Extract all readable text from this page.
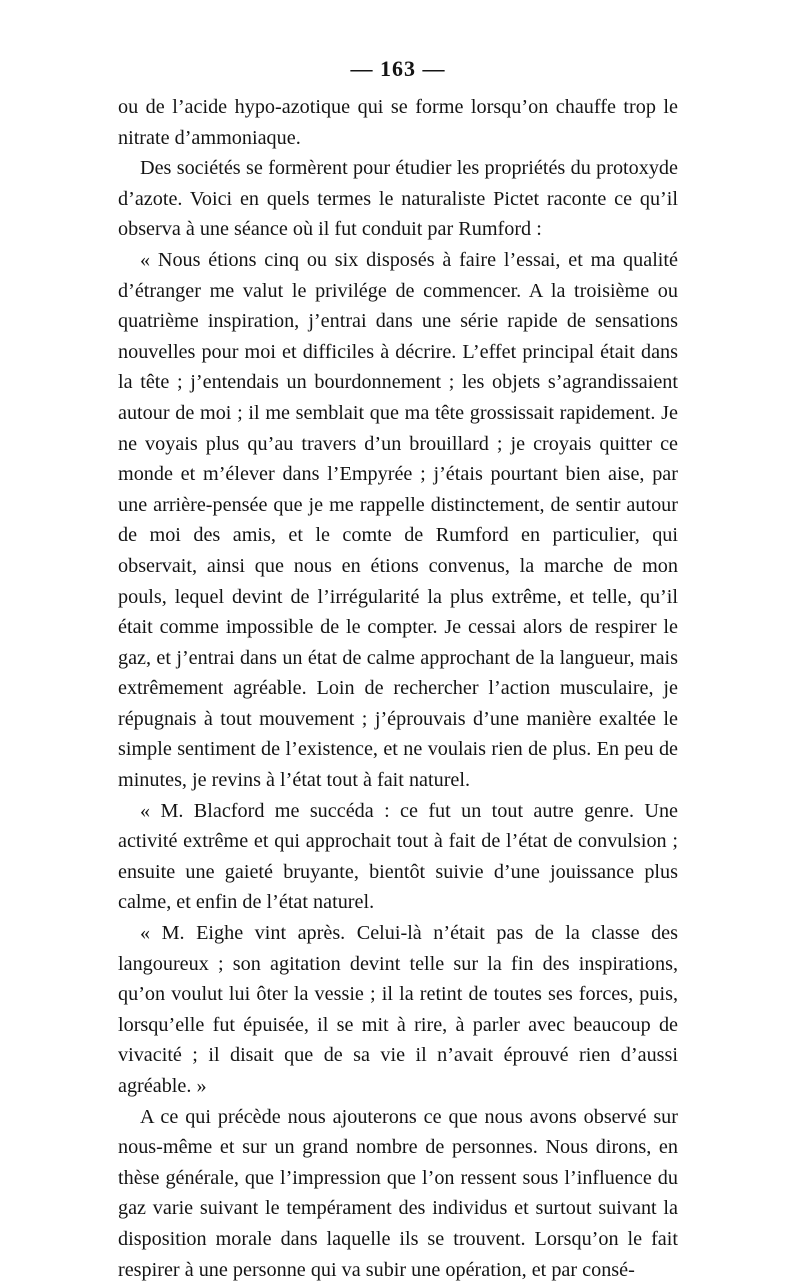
— 163 —

ou de l’acide hypo-azotique qui se forme lorsqu’on chauffe trop le nitrate d’ammoniaque.

Des sociétés se formèrent pour étudier les propriétés du protoxyde d’azote. Voici en quels termes le naturaliste Pictet raconte ce qu’il observa à une séance où il fut conduit par Rumford :

« Nous étions cinq ou six disposés à faire l’essai, et ma qualité d’étranger me valut le privilége de commencer. A la troisième ou quatrième inspiration, j’entrai dans une série rapide de sensations nouvelles pour moi et difficiles à décrire. L’effet principal était dans la tête ; j’entendais un bourdonnement ; les objets s’agrandissaient autour de moi ; il me semblait que ma tête grossissait rapidement. Je ne voyais plus qu’au travers d’un brouillard ; je croyais quitter ce monde et m’élever dans l’Empyrée ; j’étais pourtant bien aise, par une arrière-pensée que je me rappelle distinctement, de sentir autour de moi des amis, et le comte de Rumford en particulier, qui observait, ainsi que nous en étions convenus, la marche de mon pouls, lequel devint de l’irrégularité la plus extrême, et telle, qu’il était comme impossible de le compter. Je cessai alors de respirer le gaz, et j’entrai dans un état de calme approchant de la langueur, mais extrêmement agréable. Loin de rechercher l’action musculaire, je répugnais à tout mouvement ; j’éprouvais d’une manière exaltée le simple sentiment de l’existence, et ne voulais rien de plus. En peu de minutes, je revins à l’état tout à fait naturel.

« M. Blacford me succéda : ce fut un tout autre genre. Une activité extrême et qui approchait tout à fait de l’état de convulsion ; ensuite une gaieté bruyante, bientôt suivie d’une jouissance plus calme, et enfin de l’état naturel.

« M. Eighe vint après. Celui-là n’était pas de la classe des langoureux ; son agitation devint telle sur la fin des inspirations, qu’on voulut lui ôter la vessie ; il la retint de toutes ses forces, puis, lorsqu’elle fut épuisée, il se mit à rire, à parler avec beaucoup de vivacité ; il disait que de sa vie il n’avait éprouvé rien d’aussi agréable. »

A ce qui précède nous ajouterons ce que nous avons observé sur nous-même et sur un grand nombre de personnes. Nous dirons, en thèse générale, que l’impression que l’on ressent sous l’influence du gaz varie suivant le tempérament des individus et surtout suivant la disposition morale dans laquelle ils se trouvent. Lorsqu’on le fait respirer à une personne qui va subir une opération, et par consé-
